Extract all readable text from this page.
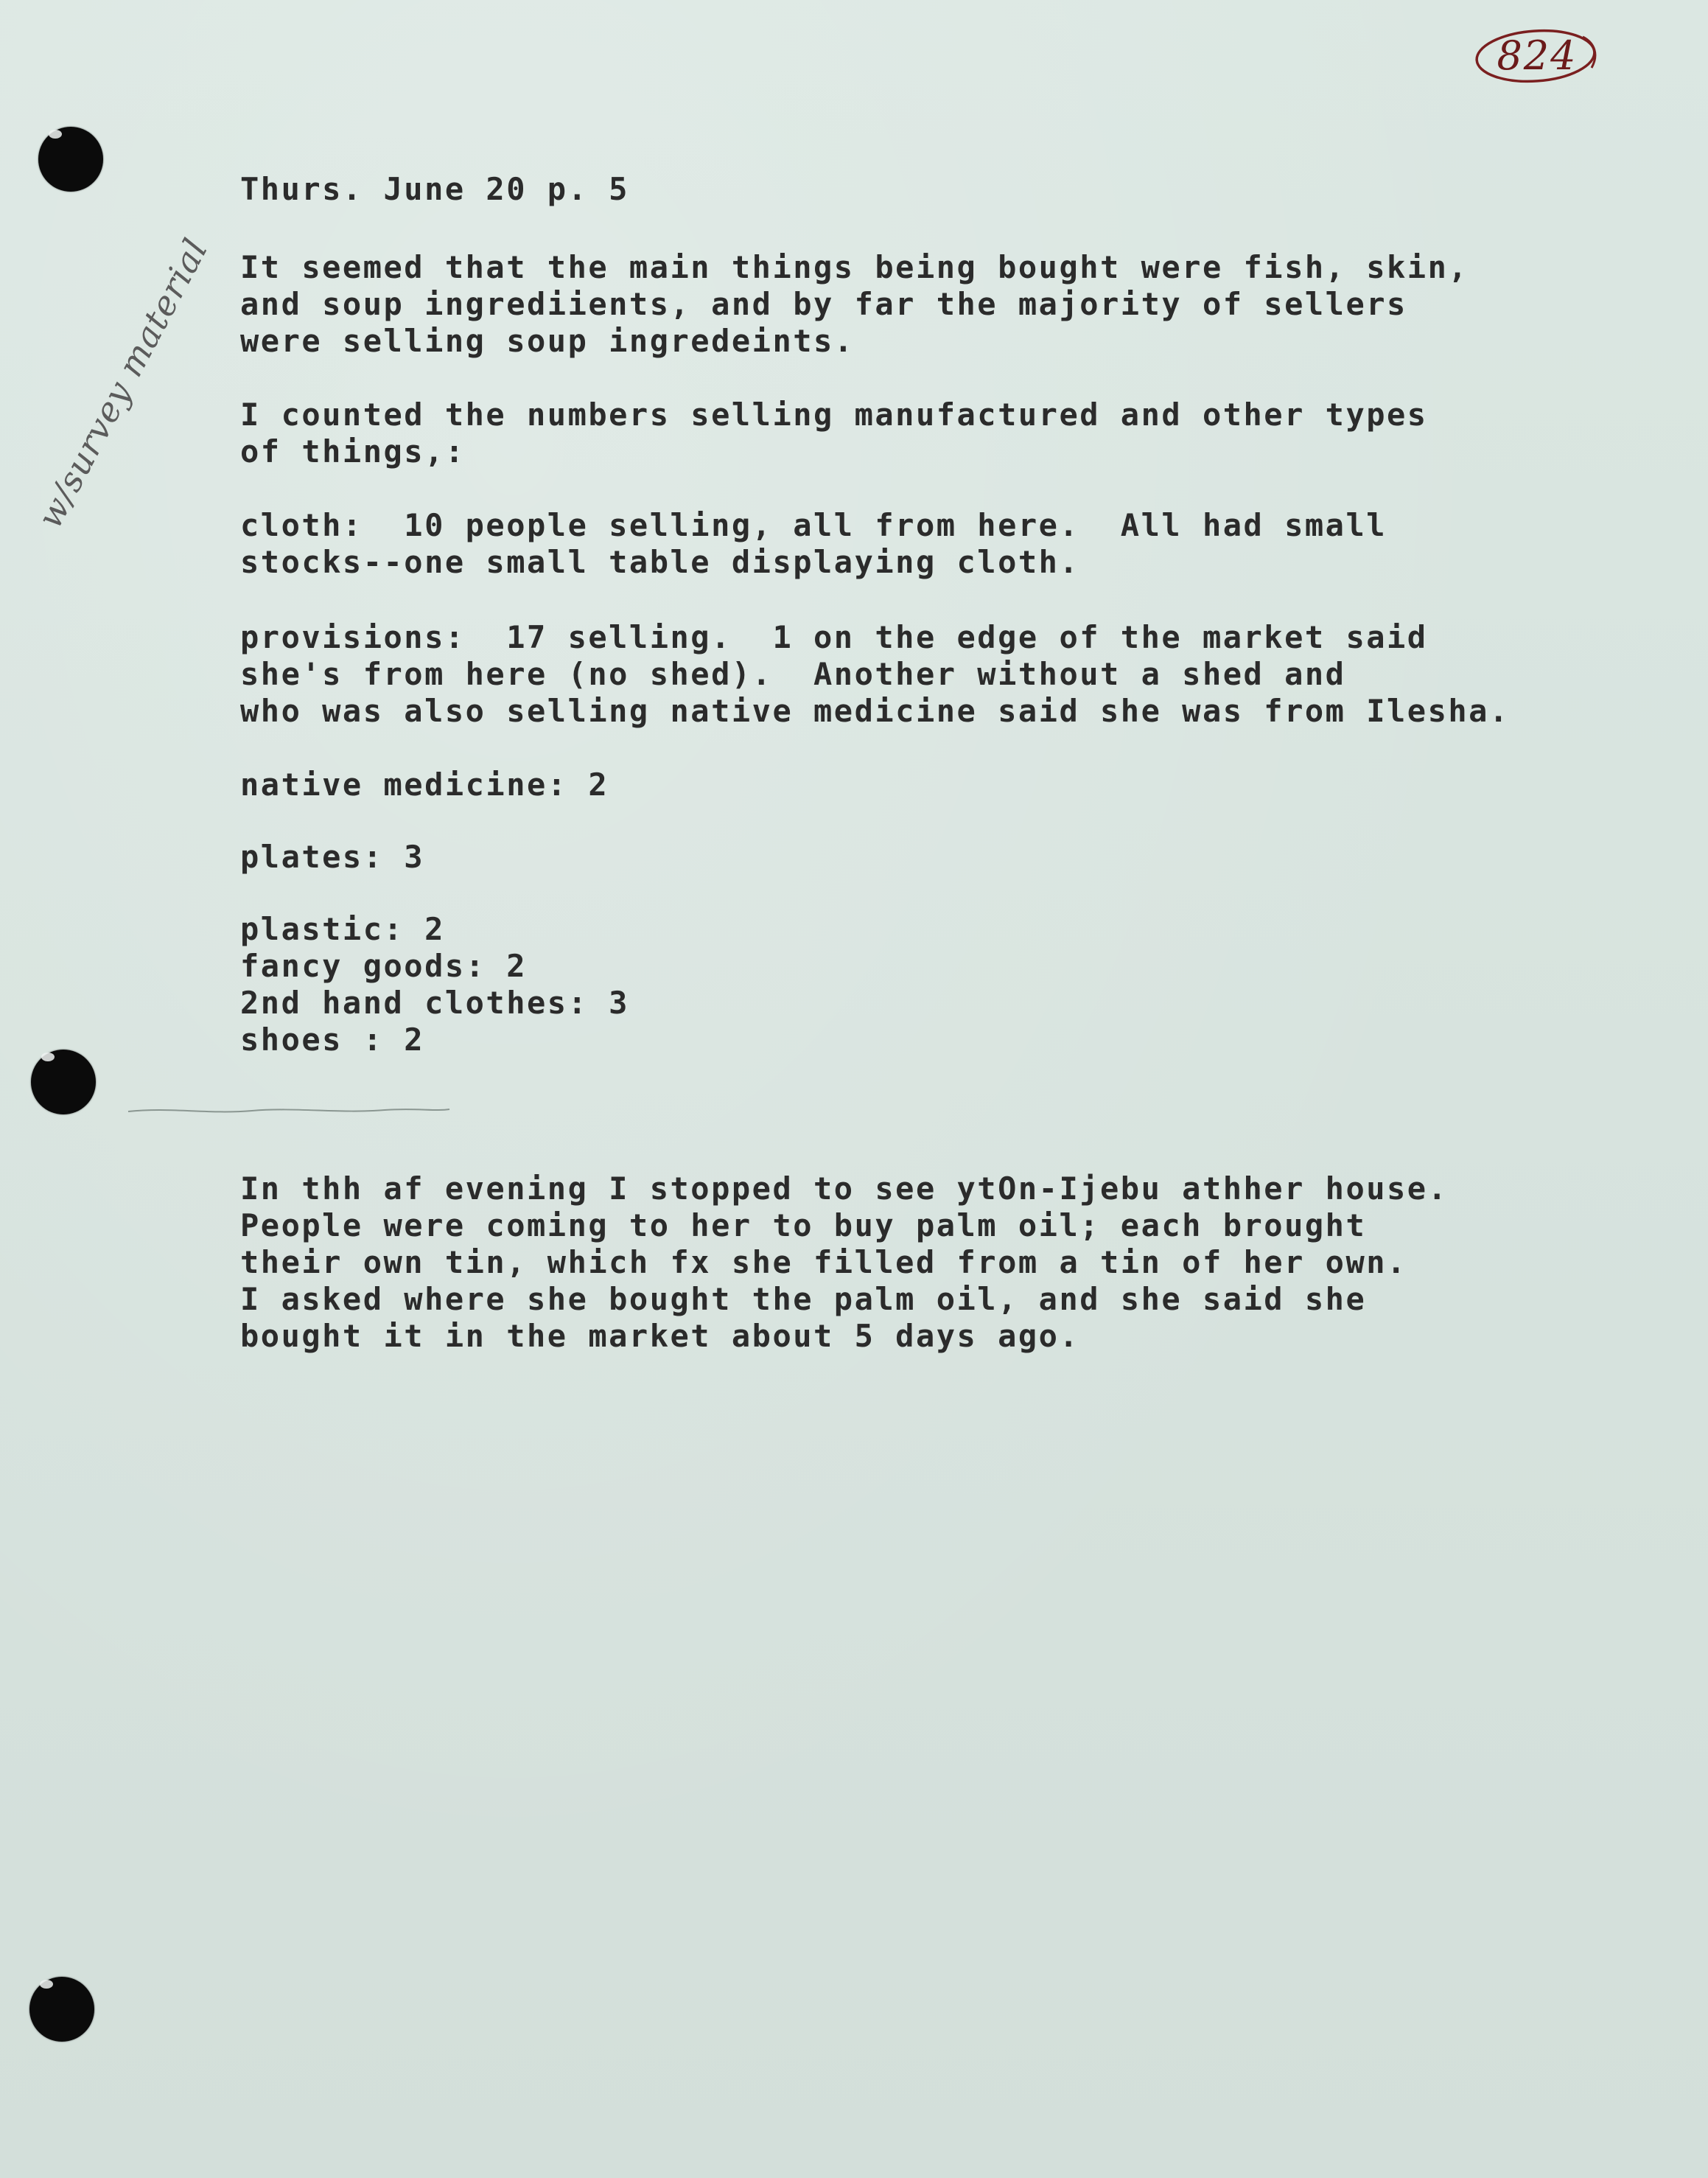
824
w/survey material
Thurs. June 20 p. 5
It seemed that the main things being bought were fish, skin,
and soup ingrediients, and by far the majority of sellers
were selling soup ingredeints.
I counted the numbers selling manufactured and other types
of things,:
cloth:  10 people selling, all from here.  All had small
stocks--one small table displaying cloth.
provisions:  17 selling.  1 on the edge of the market said
she's from here (no shed).  Another without a shed and
who was also selling native medicine said she was from Ilesha.
native medicine: 2
plates: 3
plastic: 2
fancy goods: 2
2nd hand clothes: 3
shoes : 2
In thh af evening I stopped to see ytOn-Ijebu athher house.
People were coming to her to buy palm oil; each brought
their own tin, which fx she filled from a tin of her own.
I asked where she bought the palm oil, and she said she
bought it in the market about 5 days ago.
